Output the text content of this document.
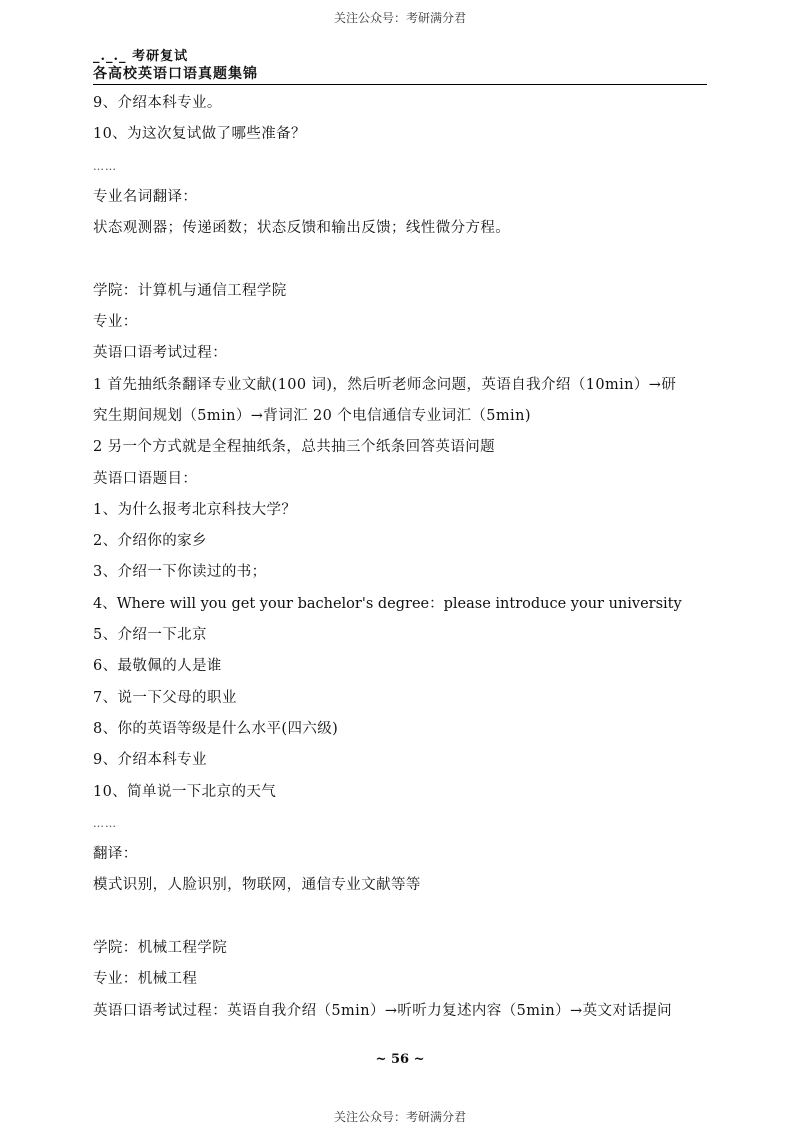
关注公众号：考研满分君
_._._ 考研复试
各高校英语口语真题集锦
9、介绍本科专业。
10、为这次复试做了哪些准备？
……
专业名词翻译：
状态观测器；传递函数；状态反馈和输出反馈；线性微分方程。
学院：计算机与通信工程学院
专业：
英语口语考试过程：
1 首先抽纸条翻译专业文献(100 词)，然后听老师念问题，英语自我介绍（10min）→研
究生期间规划（5min）→背词汇 20 个电信通信专业词汇（5min)
2 另一个方式就是全程抽纸条，总共抽三个纸条回答英语问题
英语口语题目：
1、为什么报考北京科技大学？
2、介绍你的家乡
3、介绍一下你读过的书；
4、Where will you get your bachelor's degree：please introduce your university
5、介绍一下北京
6、最敬佩的人是谁
7、说一下父母的职业
8、你的英语等级是什么水平(四六级)
9、介绍本科专业
10、简单说一下北京的天气
……
翻译：
模式识别，人脸识别，物联网，通信专业文献等等
学院：机械工程学院
专业：机械工程
英语口语考试过程：英语自我介绍（5min）→听听力复述内容（5min）→英文对话提问
~ 56 ~
关注公众号：考研满分君
